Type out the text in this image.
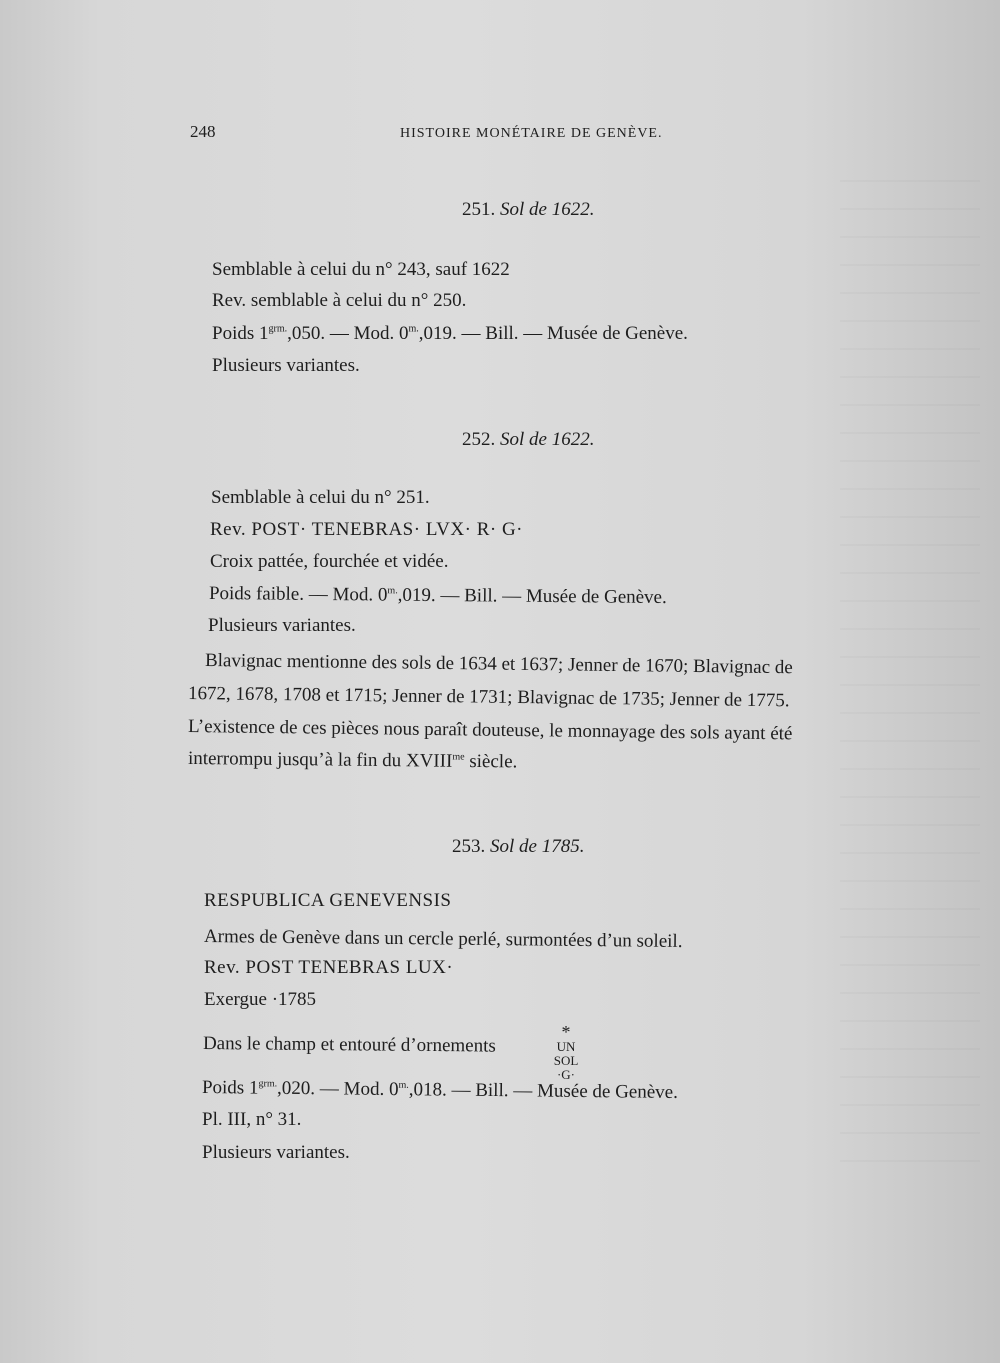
248	HISTOIRE MONÉTAIRE DE GENÈVE.
251. Sol de 1622.
Semblable à celui du n° 243, sauf 1622
Rev. semblable à celui du n° 250.
Poids $1^{grm.},050$. — Mod. $0^{m.},019$. — Bill. — Musée de Genève.
Plusieurs variantes.
252. Sol de 1622.
Semblable à celui du n° 251.
Rev. POST· TENEBRAS· LVX· R· G·
Croix pattée, fourchée et vidée.
Poids faible. — Mod. $0^{m.},019$. — Bill. — Musée de Genève.
Plusieurs variantes.
Blavignac mentionne des sols de 1634 et 1637; Jenner de 1670; Blavignac de
1672, 1678, 1708 et 1715; Jenner de 1731; Blavignac de 1735; Jenner de 1775.
L’existence de ces pièces nous paraît douteuse, le monnayage des sols ayant été
interrompu jusqu’à la fin du $XVIII^{me}$ siècle.
253. Sol de 1785.
RESPUBLICA GENEVENSIS
Armes de Genève dans un cercle perlé, surmontées d’un soleil.
Rev. POST TENEBRAS LUX·
Exergue ·1785
Dans le champ et entouré d’ornements
*
UN
SOL
·G·
Poids $1^{grm.},020$. — Mod. $0^{m.},018$. — Bill. — Musée de Genève.
Pl. III, n° 31.
Plusieurs variantes.
